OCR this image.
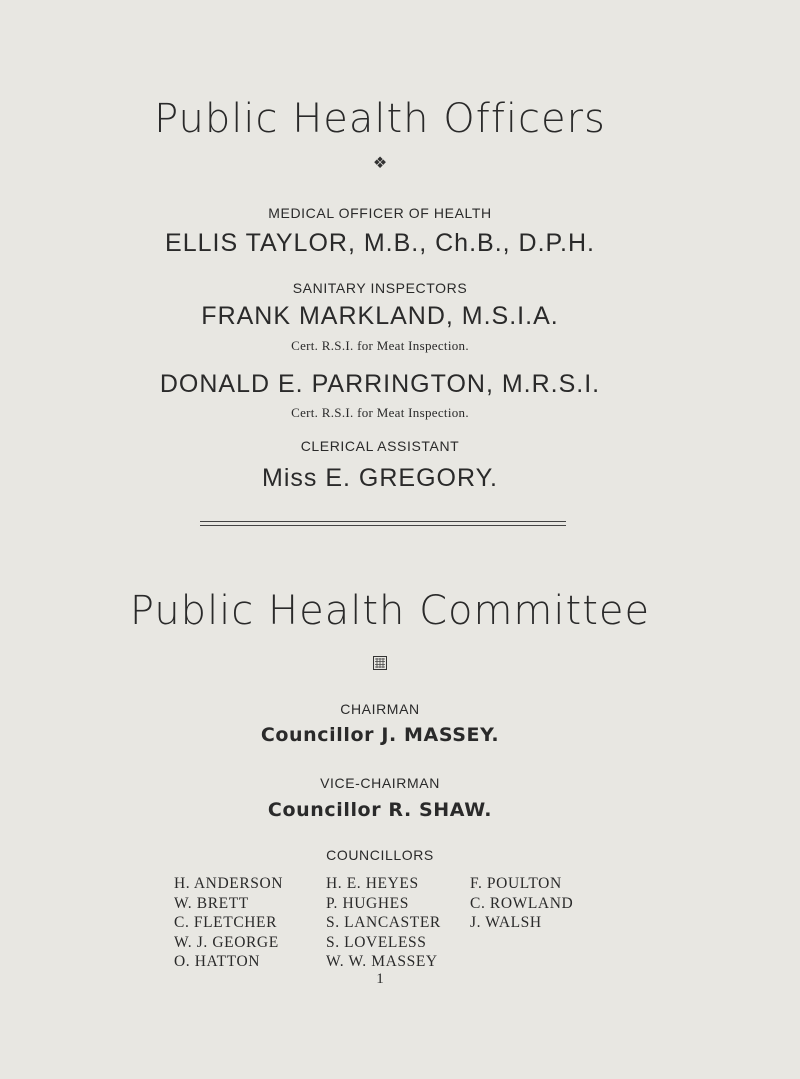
Public Health Officers
❖
MEDICAL OFFICER OF HEALTH
ELLIS TAYLOR, M.B., Ch.B., D.P.H.
SANITARY INSPECTORS
FRANK MARKLAND, M.S.I.A.
Cert. R.S.I. for Meat Inspection.
DONALD E. PARRINGTON, M.R.S.I.
Cert. R.S.I. for Meat Inspection.
CLERICAL ASSISTANT
Miss E. GREGORY.
Public Health Committee
CHAIRMAN
Councillor J. MASSEY.
VICE-CHAIRMAN
Councillor R. SHAW.
COUNCILLORS
H. ANDERSON
W. BRETT
C. FLETCHER
W. J. GEORGE
O. HATTON
H. E. HEYES
P. HUGHES
S. LANCASTER
S. LOVELESS
W. W. MASSEY
F. POULTON
C. ROWLAND
J. WALSH
1
